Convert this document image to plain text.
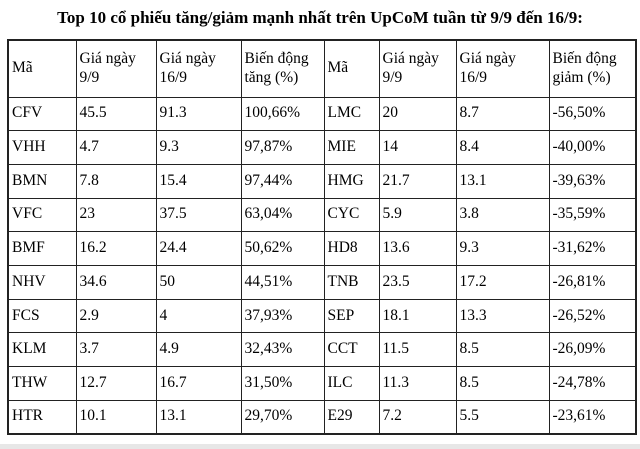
Top 10 cổ phiếu tăng/giảm mạnh nhất trên UpCoM tuần từ 9/9 đến 16/9:

Mã	Giá ngày 9/9	Giá ngày 16/9	Biến động tăng (%)	Mã	Giá ngày 9/9	Giá ngày 16/9	Biến động giảm (%)
CFV	45.5	91.3	100,66%	LMC	20	8.7	-56,50%
VHH	4.7	9.3	97,87%	MIE	14	8.4	-40,00%
BMN	7.8	15.4	97,44%	HMG	21.7	13.1	-39,63%
VFC	23	37.5	63,04%	CYC	5.9	3.8	-35,59%
BMF	16.2	24.4	50,62%	HD8	13.6	9.3	-31,62%
NHV	34.6	50	44,51%	TNB	23.5	17.2	-26,81%
FCS	2.9	4	37,93%	SEP	18.1	13.3	-26,52%
KLM	3.7	4.9	32,43%	CCT	11.5	8.5	-26,09%
THW	12.7	16.7	31,50%	ILC	11.3	8.5	-24,78%
HTR	10.1	13.1	29,70%	E29	7.2	5.5	-23,61%
